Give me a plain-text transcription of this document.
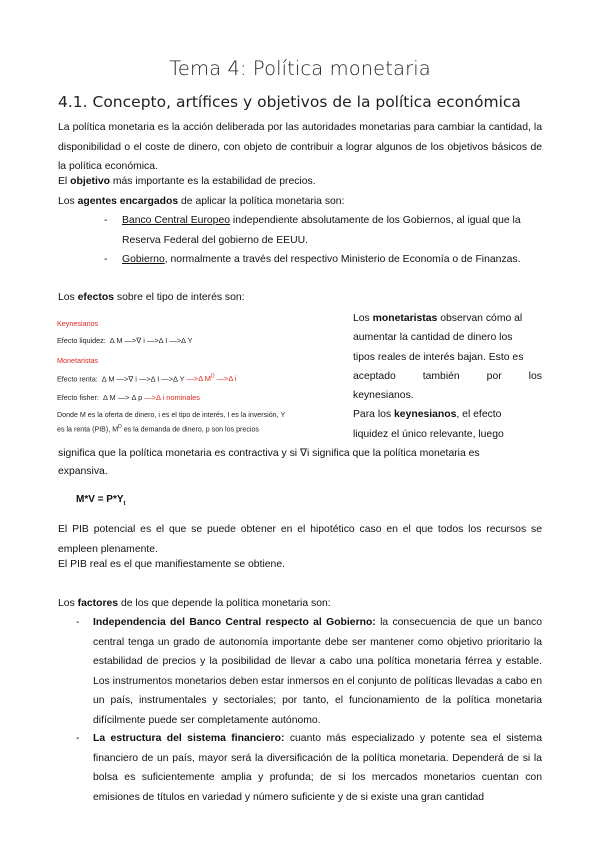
Tema 4: Política monetaria
4.1. Concepto, artífices y objetivos de la política económica
La política monetaria es la acción deliberada por las autoridades monetarias para cambiar la cantidad, la disponibilidad o el coste de dinero, con objeto de contribuir a lograr algunos de los objetivos básicos de la política económica.
El objetivo más importante es la estabilidad de precios.
Los agentes encargados de aplicar la política monetaria son:
- Banco Central Europeo independiente absolutamente de los Gobiernos, al igual que la
Reserva Federal del gobierno de EEUU.
- Gobierno, normalmente a través del respectivo Ministerio de Economía o de Finanzas.
Los efectos sobre el tipo de interés son:
Keynesianos
Efecto liquidez: Δ M —>∇ i —>Δ I —>Δ Y
Monetaristas
Efecto renta: Δ M —>∇ i —>Δ I —>Δ Y —>Δ $M^D$ —>Δ i
Efecto fisher: Δ M —> Δ p —>Δ i nominales
Donde M es la oferta de dinero, i es el tipo de interés, I es la inversión, Y es la renta (PIB), $M^D$ es la demanda de dinero, p son los precios
Los monetaristas observan cómo al
aumentar la cantidad de dinero los
tipos reales de interés bajan. Esto es
aceptado	también	por	los
keynesianos.
Para los keynesianos, el efecto
liquidez el único relevante, luego
significa que la política monetaria es contractiva y si ∇i significa que la política monetaria es
expansiva.
$M*V = P*Y_t$
El PIB potencial es el que se puede obtener en el hipotético caso en el que todos los recursos se empleen plenamente.
El PIB real es el que manifiestamente se obtiene.
Los factores de los que depende la política monetaria son:
- Independencia del Banco Central respecto al Gobierno: la consecuencia de que un banco central tenga un grado de autonomía importante debe ser mantener como objetivo prioritario la estabilidad de precios y la posibilidad de llevar a cabo una política monetaria férrea y estable. Los instrumentos monetarios deben estar inmersos en el conjunto de políticas llevadas a cabo en un país, instrumentales y sectoriales; por tanto, el funcionamiento de la política monetaria difícilmente puede ser completamente autónomo.
- La estructura del sistema financiero: cuanto más especializado y potente sea el sistema financiero de un país, mayor será la diversificación de la política monetaria. Dependerá de si la bolsa es suficientemente amplia y profunda; de si los mercados monetarios cuentan con emisiones de títulos en variedad y número suficiente y de si existe una gran cantidad
